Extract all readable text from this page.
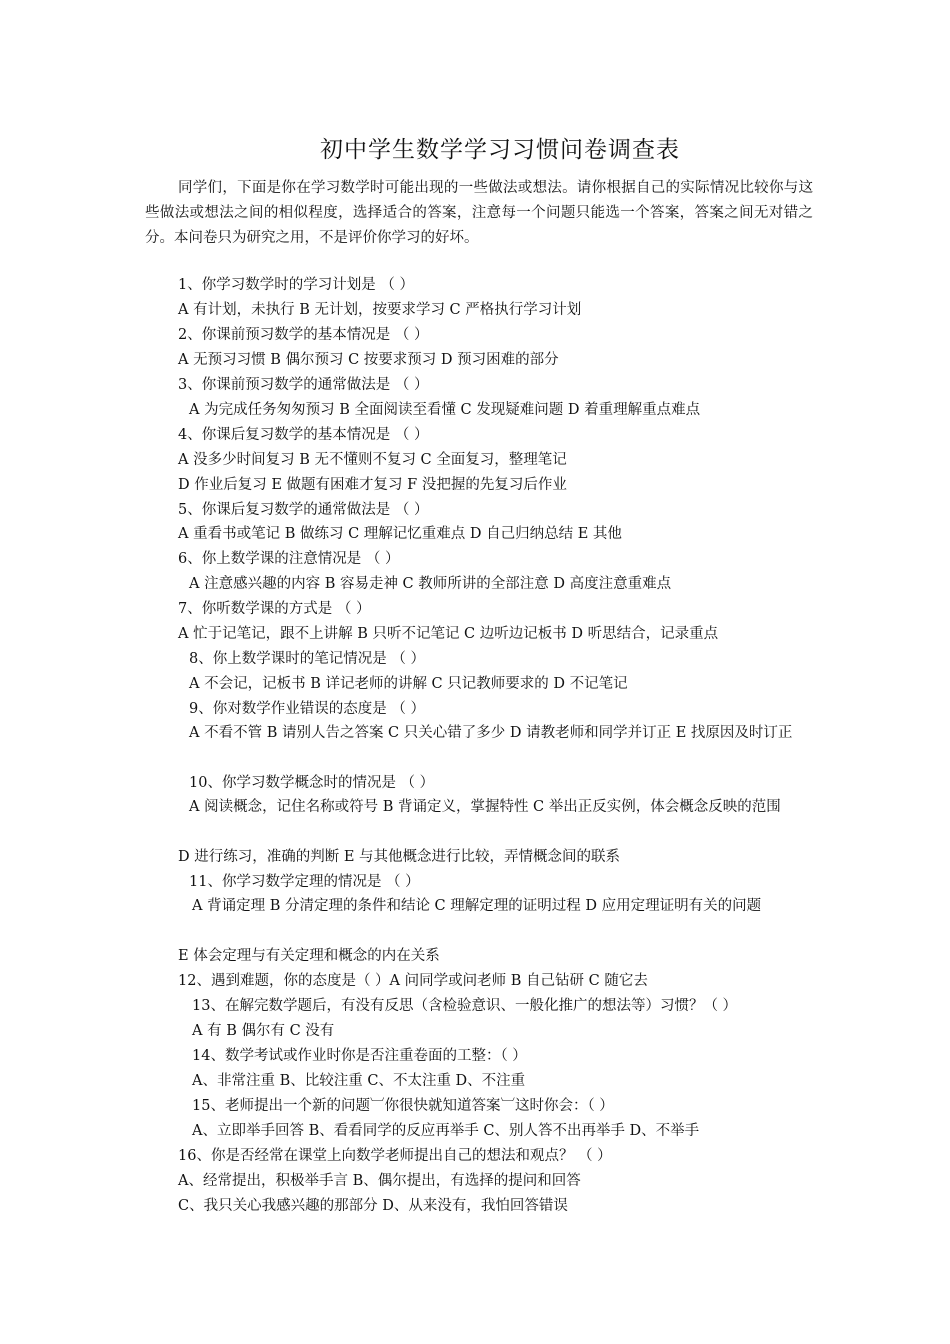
初中学生数学学习习惯问卷调查表
同学们，下面是你在学习数学时可能出现的一些做法或想法。请你根据自己的实际情况比较你与这些做法或想法之间的相似程度，选择适合的答案，注意每一个问题只能选一个答案，答案之间无对错之分。本问卷只为研究之用，不是评价你学习的好坏。
1、你学习数学时的学习计划是 （ ）
A 有计划，未执行 B 无计划，按要求学习 C 严格执行学习计划
2、你课前预习数学的基本情况是 （ ）
A 无预习习惯 B 偶尔预习 C 按要求预习 D 预习困难的部分
3、你课前预习数学的通常做法是 （ ）
A 为完成任务匆匆预习 B 全面阅读至看懂 C 发现疑难问题 D 着重理解重点难点
4、你课后复习数学的基本情况是 （ ）
A 没多少时间复习 B 无不懂则不复习 C 全面复习，整理笔记
D 作业后复习 E 做题有困难才复习 F 没把握的先复习后作业
5、你课后复习数学的通常做法是 （ ）
A 重看书或笔记 B 做练习 C 理解记忆重难点 D 自己归纳总结 E 其他
6、你上数学课的注意情况是 （ ）
A 注意感兴趣的内容 B 容易走神 C 教师所讲的全部注意 D 高度注意重难点
7、你听数学课的方式是 （ ）
A 忙于记笔记，跟不上讲解 B 只听不记笔记 C 边听边记板书 D 听思结合，记录重点
8、你上数学课时的笔记情况是 （ ）
A 不会记，记板书 B 详记老师的讲解 C 只记教师要求的 D 不记笔记
9、你对数学作业错误的态度是 （ ）
A 不看不管 B 请别人告之答案 C 只关心错了多少 D 请教老师和同学并订正 E 找原因及时订正
10、你学习数学概念时的情况是 （ ）
A 阅读概念，记住名称或符号 B 背诵定义，掌握特性 C 举出正反实例，体会概念反映的范围
D 进行练习，准确的判断 E 与其他概念进行比较，弄情概念间的联系
11、你学习数学定理的情况是 （ ）
A 背诵定理 B 分清定理的条件和结论 C 理解定理的证明过程 D 应用定理证明有关的问题
E 体会定理与有关定理和概念的内在关系
12、遇到难题，你的态度是（ ）A 问同学或问老师 B 自己钻研 C 随它去
13、在解完数学题后，有没有反思（含检验意识、一般化推广的想法等）习惯？（ ）
A 有 B 偶尔有 C 没有
14、数学考试或作业时你是否注重卷面的工整：（ ）
A、非常注重 B、比较注重 C、不太注重 D、不注重
15、老师提出一个新的问题︺你很快就知道答案︺这时你会：（ ）
A、立即举手回答 B、看看同学的反应再举手 C、别人答不出再举手 D、不举手
16、你是否经常在课堂上向数学老师提出自己的想法和观点？ （ ）
A、经常提出，积极举手言 B、偶尔提出，有选择的提问和回答
C、我只关心我感兴趣的那部分 D、从来没有，我怕回答错误
